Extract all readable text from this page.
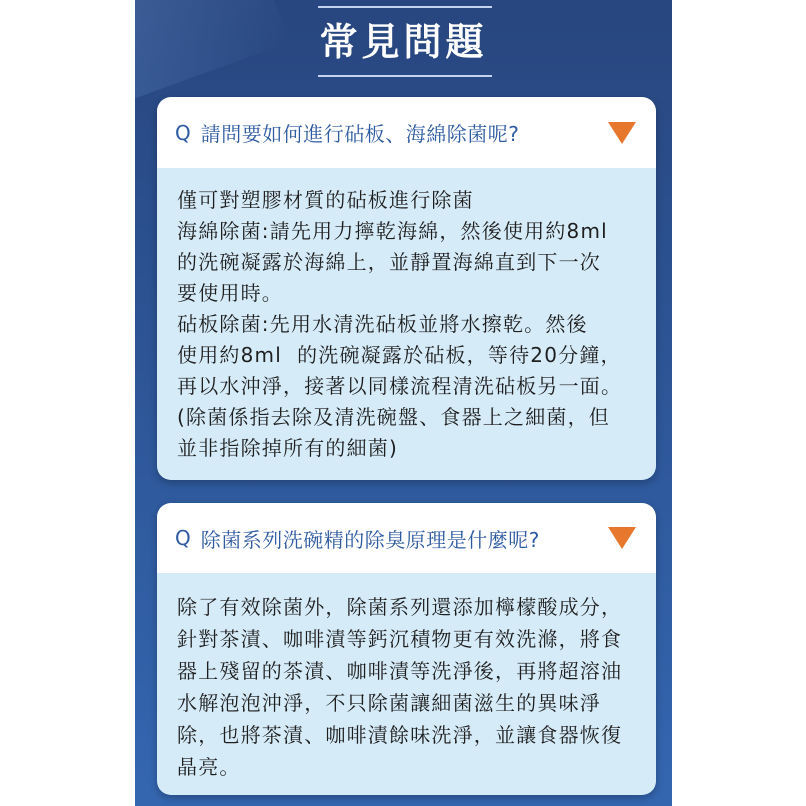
常見問題
Q 請問要如何進行砧板、海綿除菌呢?
僅可對塑膠材質的砧板進行除菌
海綿除菌:請先用力擰乾海綿，然後使用約8ml
的洗碗凝露於海綿上，並靜置海綿直到下一次
要使用時。
砧板除菌:先用水清洗砧板並將水擦乾。然後
使用約8ml  的洗碗凝露於砧板，等待20分鐘，
再以水沖淨，接著以同樣流程清洗砧板另一面。
(除菌係指去除及清洗碗盤、食器上之細菌，但
並非指除掉所有的細菌)
Q 除菌系列洗碗精的除臭原理是什麼呢?
除了有效除菌外，除菌系列還添加檸檬酸成分，
針對茶漬、咖啡漬等鈣沉積物更有效洗滌，將食
器上殘留的茶漬、咖啡漬等洗淨後，再將超溶油
水解泡泡沖淨，不只除菌讓細菌滋生的異味淨
除，也將茶漬、咖啡漬餘味洗淨，並讓食器恢復
晶亮。
